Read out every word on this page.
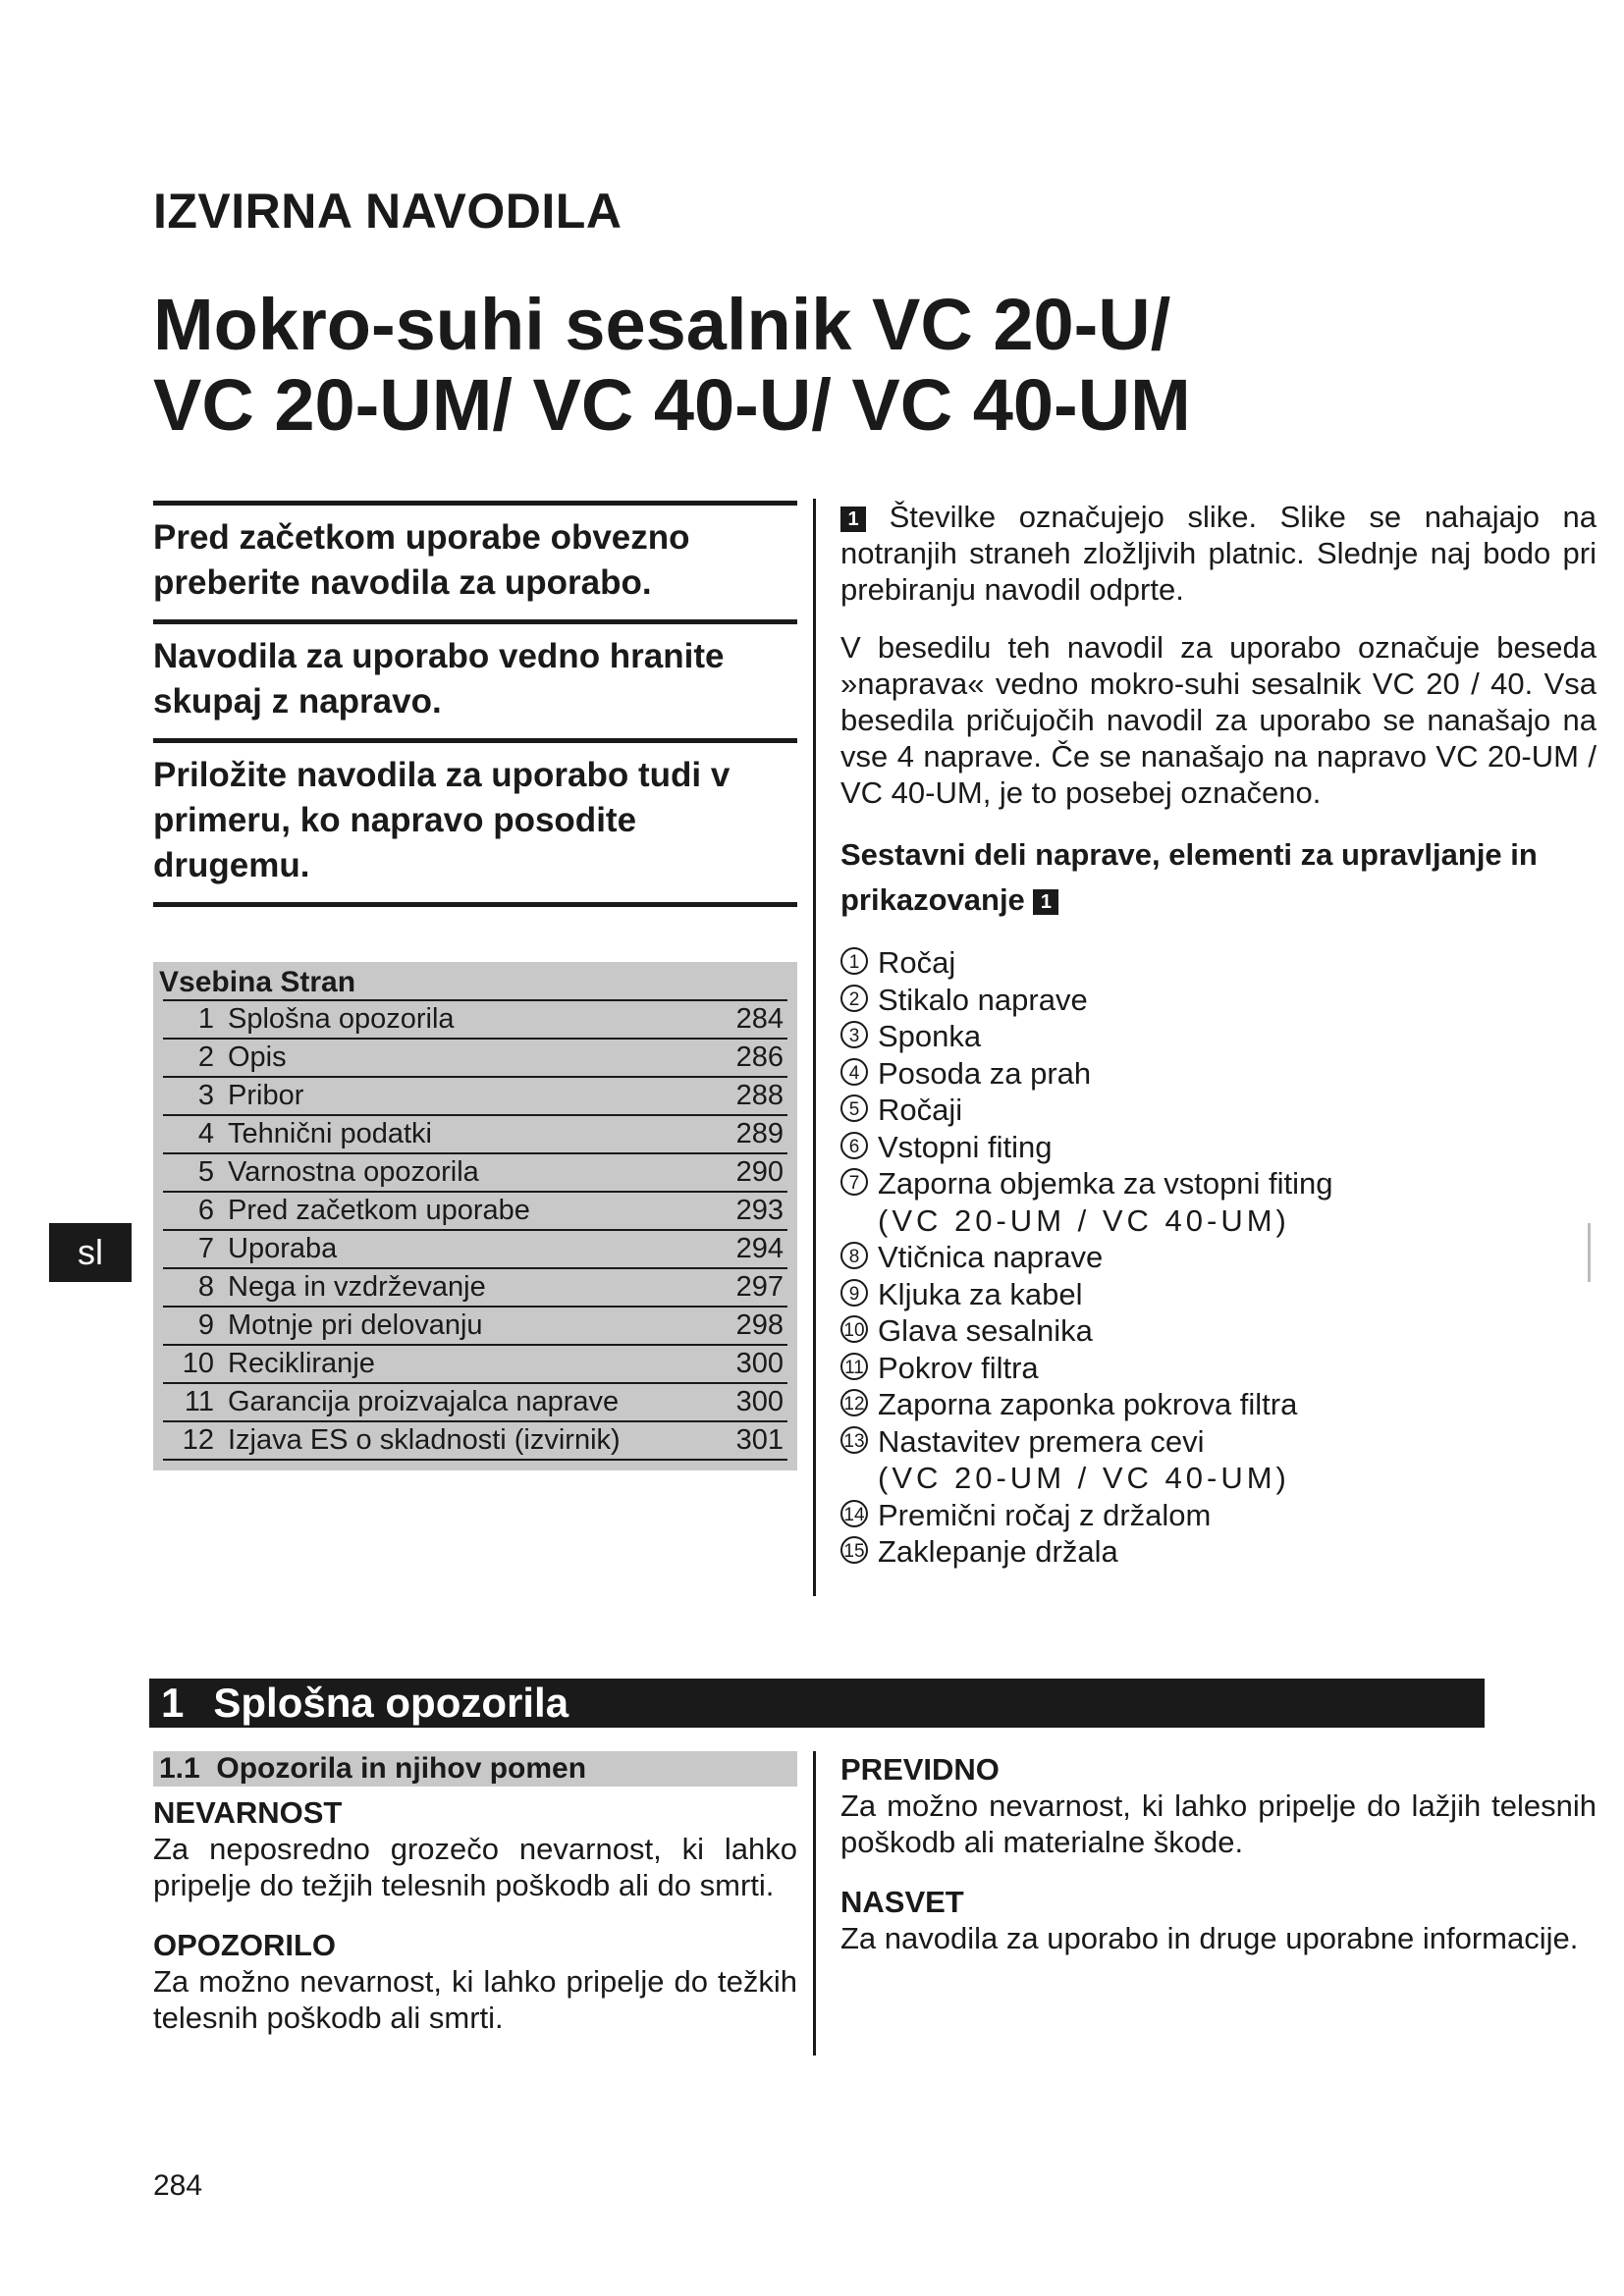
IZVIRNA NAVODILA
Mokro-suhi sesalnik VC 20-U/
VC 20-UM/ VC 40-U/ VC 40-UM
Pred začetkom uporabe obvezno preberite navodila za uporabo.
Navodila za uporabo vedno hranite skupaj z napravo.
Priložite navodila za uporabo tudi v primeru, ko napravo posodite drugemu.
Vsebina Stran
1 Splošna opozorila	284
2 Opis	286
3 Pribor	288
4 Tehnični podatki	289
5 Varnostna opozorila	290
6 Pred začetkom uporabe	293
7 Uporaba	294
8 Nega in vzdrževanje	297
9 Motnje pri delovanju	298
10 Recikliranje	300
11 Garancija proizvajalca naprave	300
12 Izjava ES o skladnosti (izvirnik)	301

1 Številke označujejo slike. Slike se nahajajo na notranjih straneh zložljivih platnic. Slednje naj bodo pri prebiranju navodil odprte.

V besedilu teh navodil za uporabo označuje beseda »naprava« vedno mokro-suhi sesalnik VC 20 / 40. Vsa besedila pričujočih navodil za uporabo se nanašajo na vse 4 naprave. Če se nanašajo na napravo VC 20-UM / VC 40-UM, je to posebej označeno.

Sestavni deli naprave, elementi za upravljanje in prikazovanje 1
1 Ročaj
2 Stikalo naprave
3 Sponka
4 Posoda za prah
5 Ročaji
6 Vstopni fiting
7 Zaporna objemka za vstopni fiting
(VC 20-UM / VC 40-UM)
8 Vtičnica naprave
9 Kljuka za kabel
10 Glava sesalnika
11 Pokrov filtra
12 Zaporna zaponka pokrova filtra
13 Nastavitev premera cevi
(VC 20-UM / VC 40-UM)
14 Premični ročaj z držalom
15 Zaklepanje držala
sl
1 Splošna opozorila
1.1 Opozorila in njihov pomen
NEVARNOST

Za neposredno grozečo nevarnost, ki lahko pripelje do težjih telesnih poškodb ali do smrti.

OPOZORILO

Za možno nevarnost, ki lahko pripelje do težkih telesnih poškodb ali smrti.

PREVIDNO

Za možno nevarnost, ki lahko pripelje do lažjih telesnih poškodb ali materialne škode.

NASVET

Za navodila za uporabo in druge uporabne informacije.

284
